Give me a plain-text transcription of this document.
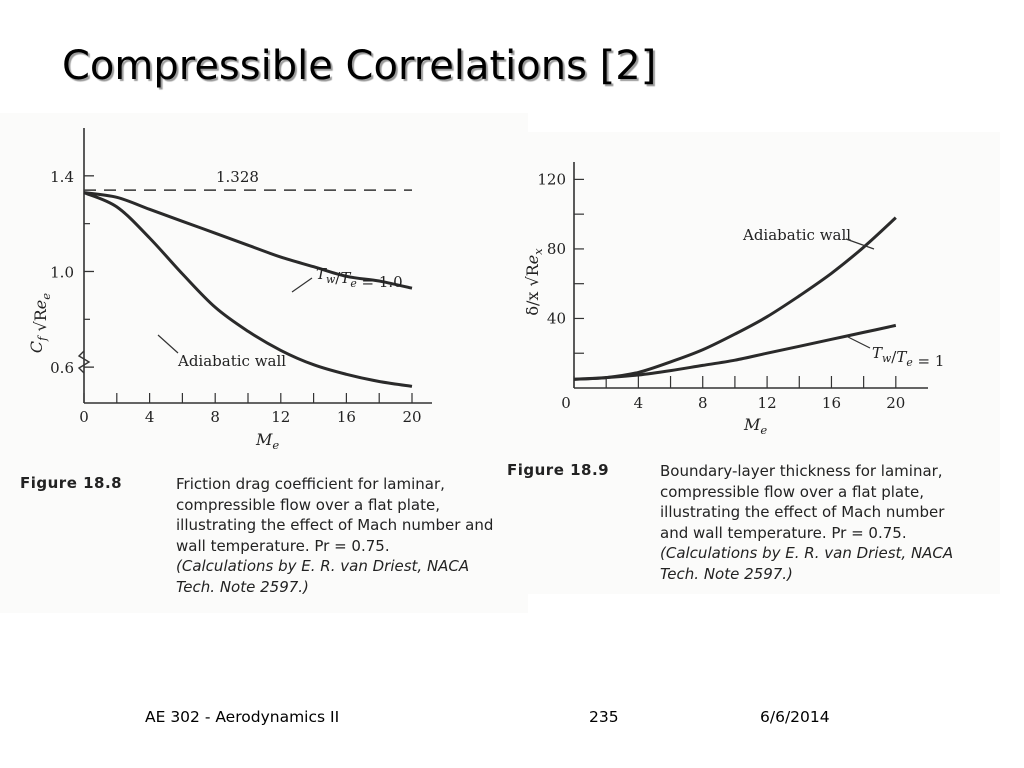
Compressible Correlations [2]
1.4
1.0
0.6
0	4	8	12	16	20
1.328
$T_w/T_e = 1.0$
Adiabatic wall
$M_e$
$C_f$ $√Re_e$
120
80
40
0	4	8	12	16	20
Adiabatic wall
$T_w/T_e = 1$
$M_e$
δ/x $√Re_x$
Figure 18.8	Friction drag coefficient for laminar,
compressible flow over a flat plate,
illustrating the effect of Mach number and
wall temperature. Pr = 0.75.
(Calculations by E. R. van Driest, NACA
Tech. Note 2597.)
Figure 18.9	Boundary-layer thickness for laminar,
compressible flow over a flat plate,
illustrating the effect of Mach number
and wall temperature. Pr = 0.75.
(Calculations by E. R. van Driest, NACA
Tech. Note 2597.)
AE 302 - Aerodynamics II	235	6/6/2014
